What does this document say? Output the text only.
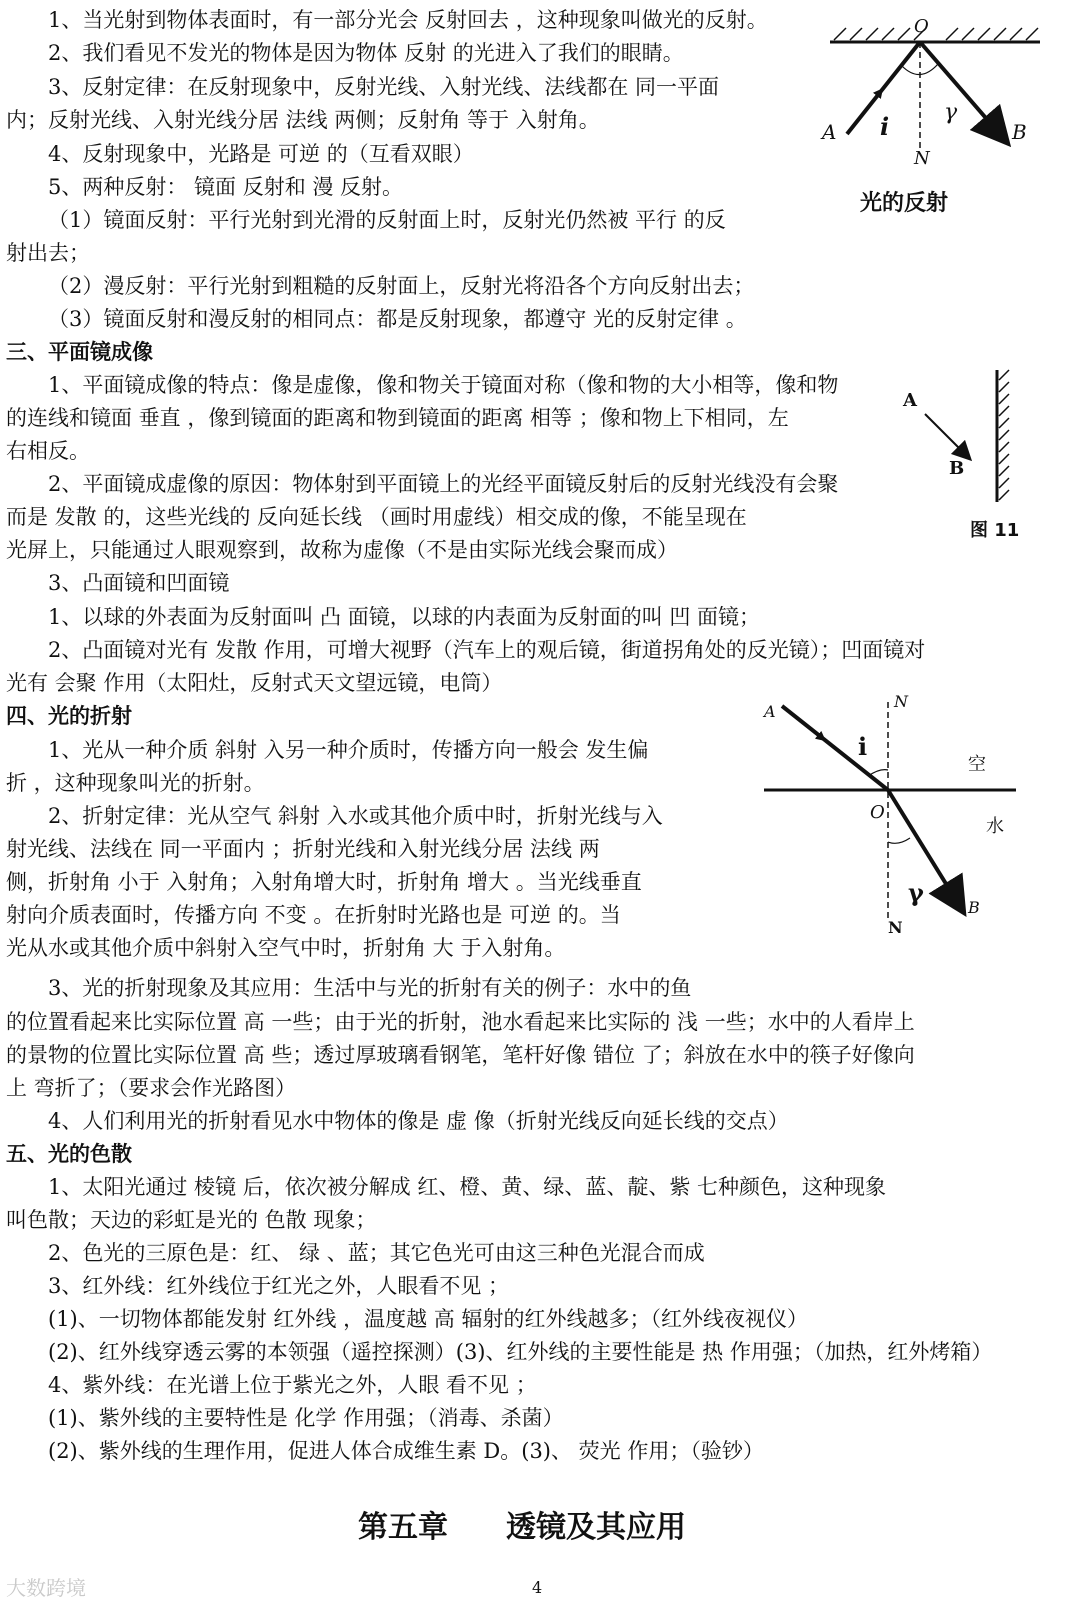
1、当光射到物体表面时，有一部分光会 反射回去 ，这种现象叫做光的反射。
2、我们看见不发光的物体是因为物体 反射 的光进入了我们的眼睛。
3、反射定律：在反射现象中，反射光线、入射光线、法线都在 同一平面
内；反射光线、入射光线分居 法线 两侧；反射角 等于 入射角。
4、反射现象中，光路是 可逆 的（互看双眼）
5、两种反射： 镜面 反射和 漫 反射。
（1）镜面反射：平行光射到光滑的反射面上时，反射光仍然被 平行 的反
射出去；
（2）漫反射：平行光射到粗糙的反射面上，反射光将沿各个方向反射出去；
（3）镜面反射和漫反射的相同点：都是反射现象，都遵守 光的反射定律 。
三、平面镜成像
1、平面镜成像的特点：像是虚像，像和物关于镜面对称（像和物的大小相等，像和物
的连线和镜面 垂直 ，像到镜面的距离和物到镜面的距离 相等 ；像和物上下相同，左
右相反。
2、平面镜成虚像的原因：物体射到平面镜上的光经平面镜反射后的反射光线没有会聚
而是 发散 的，这些光线的 反向延长线 （画时用虚线）相交成的像，不能呈现在
光屏上，只能通过人眼观察到，故称为虚像（不是由实际光线会聚而成）
3、凸面镜和凹面镜
1、以球的外表面为反射面叫 凸 面镜，以球的内表面为反射面的叫 凹 面镜；
2、凸面镜对光有 发散 作用，可增大视野（汽车上的观后镜，街道拐角处的反光镜）；凹面镜对
光有 会聚 作用（太阳灶，反射式天文望远镜，电筒）
四、光的折射
1、光从一种介质 斜射 入另一种介质时，传播方向一般会 发生偏
折 ，这种现象叫光的折射。
2、折射定律：光从空气 斜射 入水或其他介质中时，折射光线与入
射光线、法线在 同一平面内 ；折射光线和入射光线分居 法线 两
侧，折射角 小于 入射角；入射角增大时，折射角 增大 。当光线垂直
射向介质表面时，传播方向 不变 。在折射时光路也是 可逆 的。当
光从水或其他介质中斜射入空气中时，折射角 大 于入射角。
3、光的折射现象及其应用：生活中与光的折射有关的例子：水中的鱼
的位置看起来比实际位置 高 一些；由于光的折射，池水看起来比实际的 浅 一些；水中的人看岸上
的景物的位置比实际位置 高 些；透过厚玻璃看钢笔，笔杆好像 错位 了；斜放在水中的筷子好像向
上 弯折了；（要求会作光路图）
4、人们利用光的折射看见水中物体的像是 虚 像（折射光线反向延长线的交点）
五、光的色散
1、太阳光通过 棱镜 后，依次被分解成 红、橙、黄、绿、蓝、靛、紫 七种颜色，这种现象
叫色散；天边的彩虹是光的 色散 现象；
2、色光的三原色是：红、 绿 、蓝；其它色光可由这三种色光混合而成
3、红外线：红外线位于红光之外，人眼看不见 ；
(1)、一切物体都能发射 红外线 ，温度越 高 辐射的红外线越多；（红外线夜视仪）
(2)、红外线穿透云雾的本领强（遥控探测）(3)、红外线的主要性能是 热 作用强；（加热，红外烤箱）
4、紫外线：在光谱上位于紫光之外，人眼 看不见 ；
(1)、紫外线的主要特性是 化学 作用强；（消毒、杀菌）
(2)、紫外线的生理作用，促进人体合成维生素 D。(3)、 荧光 作用；（验钞）
O
A	B
N
i γ
光的反射
A
B
图 11
A
N
i
空
O
水
γ
B
N
第五章 透镜及其应用
4
大数跨境
